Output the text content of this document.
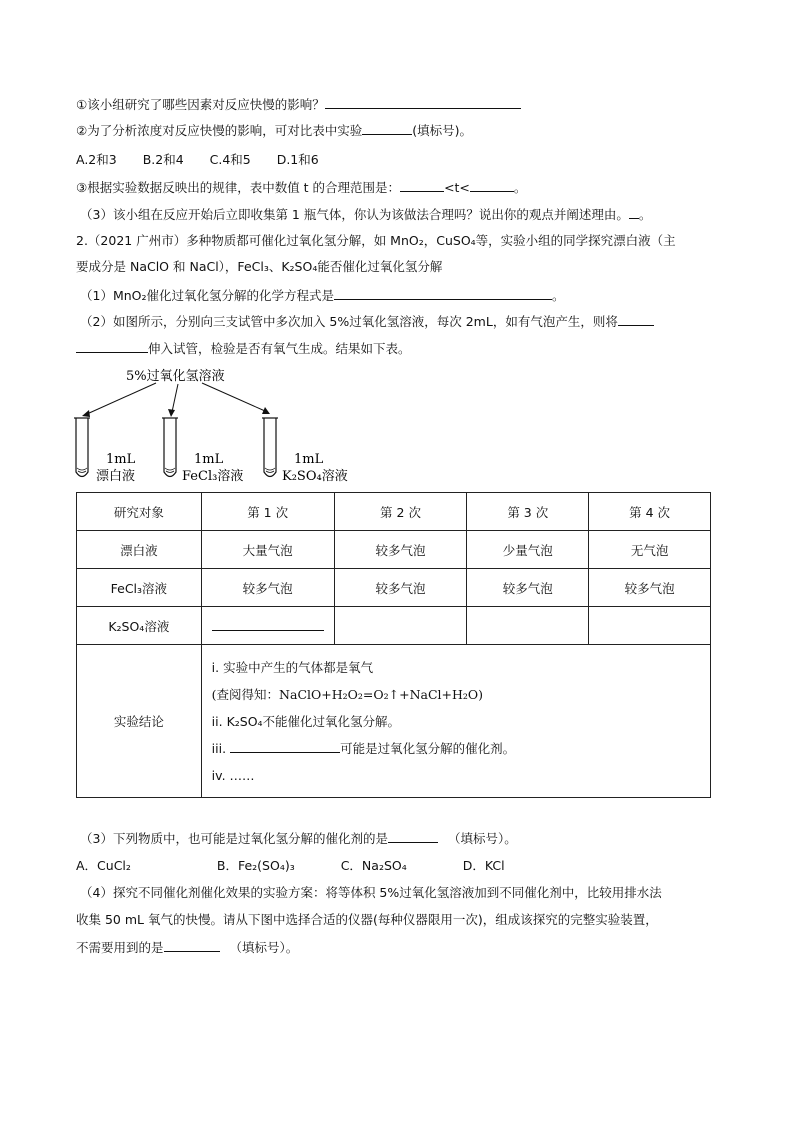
①该小组研究了哪些因素对反应快慢的影响？
②为了分析浓度对反应快慢的影响，可对比表中实验	(填标号)。
A.2和3 B.2和4 C.4和5 D.1和6
③根据实验数据反映出的规律，表中数值 t 的合理范围是：	<t<	。
（3）该小组在反应开始后立即收集第 1 瓶气体，你认为该做法合理吗？说出你的观点并阐述理由。 。
2.（2021 广州市）多种物质都可催化过氧化氢分解，如 MnO₂，CuSO₄等，实验小组的同学探究漂白液（主
要成分是 NaClO 和 NaCl），FeCl₃、K₂SO₄能否催化过氧化氢分解
（1）MnO₂催化过氧化氢分解的化学方程式是	。
（2）如图所示，分别向三支试管中多次加入 5%过氧化氢溶液，每次 2mL，如有气泡产生，则将
伸入试管，检验是否有氧气生成。结果如下表。
5%过氧化氢溶液
1mL
漂白液
1mL
FeCl₃溶液
1mL
K₂SO₄溶液
研究对象	第 1 次	第 2 次	第 3 次	第 4 次
漂白液	大量气泡	较多气泡	少量气泡	无气泡
FeCl₃溶液	较多气泡	较多气泡	较多气泡	较多气泡
K₂SO₄溶液				
实验结论	i. 实验中产生的气体都是氧气
(查阅得知：NaClO+H₂O₂=O₂↑+NaCl+H₂O)
ii. K₂SO₄不能催化过氧化氢分解。
iii. 可能是过氧化氢分解的催化剂。
iv. ……			
（3）下列物质中，也可能是过氧化氢分解的催化剂的是	（填标号）。
A．CuCl₂	B．Fe₂(SO₄)₃	C．Na₂SO₄	D．KCl
（4）探究不同催化剂催化效果的实验方案：将等体积 5%过氧化氢溶液加到不同催化剂中，比较用排水法
收集 50 mL 氧气的快慢。请从下图中选择合适的仪器(每种仪器限用一次)，组成该探究的完整实验装置，
不需要用到的是	（填标号）。
